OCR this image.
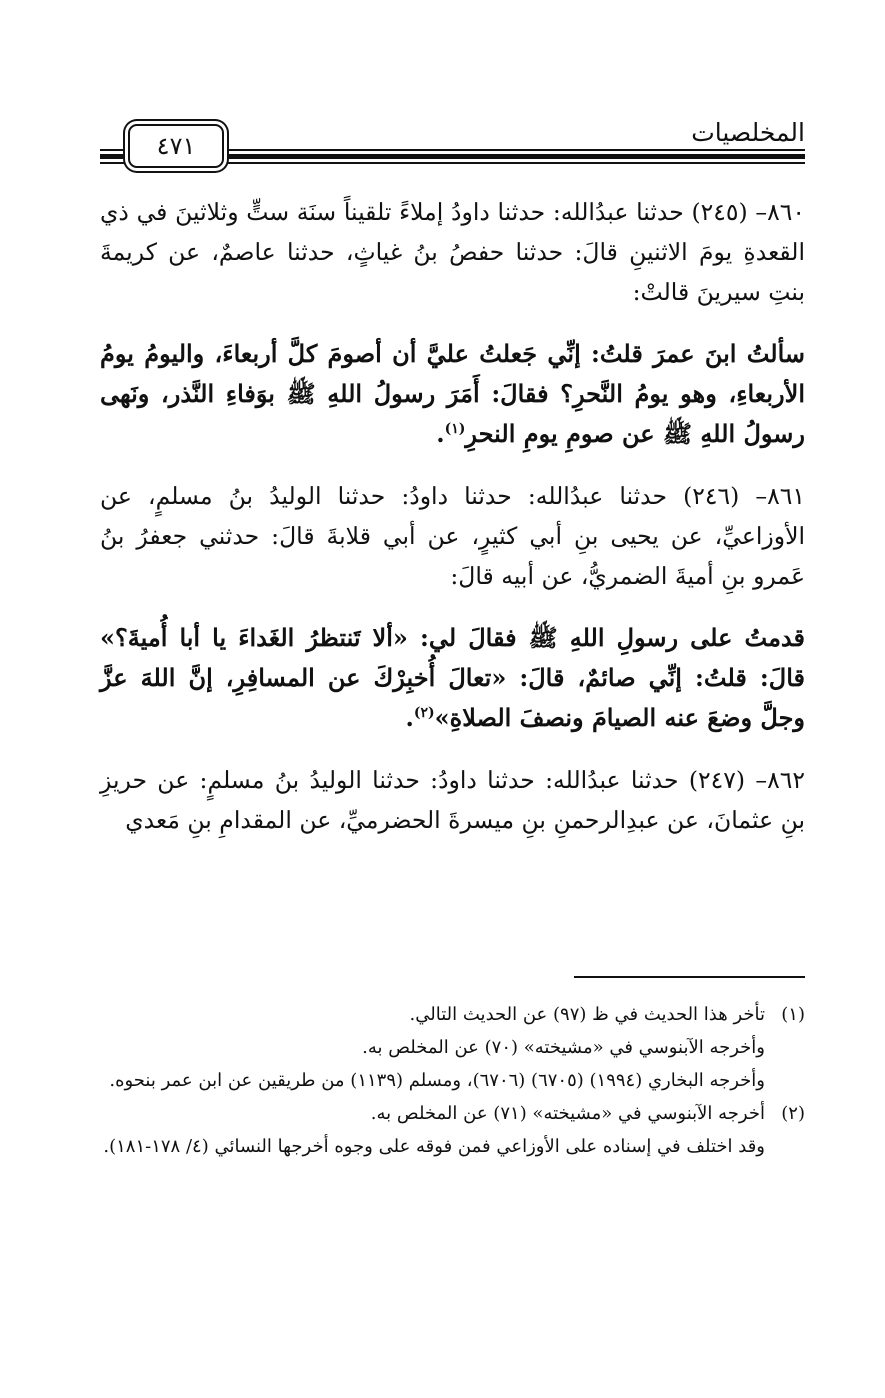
المخلصيات
٤٧١

٨٦٠– (٢٤٥) حدثنا عبدُالله: حدثنا داودُ إملاءً تلقيناً سنَة ستٍّ وثلاثينَ في ذي القعدةِ يومَ الاثنينِ قالَ: حدثنا حفصُ بنُ غياثٍ، حدثنا عاصمٌ، عن كريمةَ بنتِ سيرينَ قالتْ:

سألتُ ابنَ عمرَ قلتُ: إنِّي جَعلتُ عليَّ أن أصومَ كلَّ أربعاءَ، واليومُ يومُ الأربعاءِ، وهو يومُ النَّحرِ؟ فقالَ: أَمَرَ رسولُ اللهِ ﷺ بوَفاءِ النَّذر، ونَهى رسولُ اللهِ ﷺ عن صومِ يومِ النحرِ$^{(١)}$.

٨٦١– (٢٤٦) حدثنا عبدُالله: حدثنا داودُ: حدثنا الوليدُ بنُ مسلمٍ، عن الأوزاعيِّ، عن يحيى بنِ أبي كثيرٍ، عن أبي قلابةَ قالَ: حدثني جعفرُ بنُ عَمرو بنِ أميةَ الضمريُّ، عن أبيه قالَ:

قدمتُ على رسولِ اللهِ ﷺ فقالَ لي: «ألا تَنتظرُ الغَداءَ يا أبا أُميةَ؟» قالَ: قلتُ: إنِّي صائمٌ، قالَ: «تعالَ أُخبِرْكَ عن المسافِرِ، إنَّ اللهَ عزَّ وجلَّ وضعَ عنه الصيامَ ونصفَ الصلاةِ»$^{(٢)}$.

٨٦٢– (٢٤٧) حدثنا عبدُالله: حدثنا داودُ: حدثنا الوليدُ بنُ مسلمٍ: عن حريزِ بنِ عثمانَ، عن عبدِالرحمنِ بنِ ميسرةَ الحضرميِّ، عن المقدامِ بنِ مَعدي

(١)تأخر هذا الحديث في ظ (٩٧) عن الحديث التالي.

وأخرجه الآبنوسي في «مشيخته» (٧٠) عن المخلص به.

وأخرجه البخاري (١٩٩٤) (٦٧٠٥) (٦٧٠٦)، ومسلم (١١٣٩) من طريقين عن ابن عمر بنحوه.

(٢)أخرجه الآبنوسي في «مشيخته» (٧١) عن المخلص به.

وقد اختلف في إسناده على الأوزاعي فمن فوقه على وجوه أخرجها النسائي (٤/ ١٧٨-١٨١).
